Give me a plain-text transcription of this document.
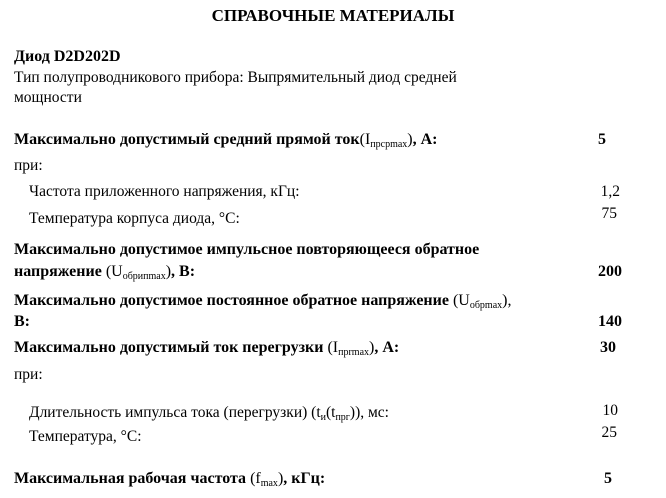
СПРАВОЧНЫЕ МАТЕРИАЛЫ
Диод D2D202D
Тип полупроводникового прибора: Выпрямительный диод средней
мощности
Максимально допустимый средний прямой $ток(I_{прсрmax})$, А:	5
при:
Частота приложенного напряжения, кГц:	1,2
Температура корпуса диода, °С:	75
Максимально допустимое импульсное повторяющееся обратное
напряжение $(U_{обрипmax})$, В:	200
Максимально допустимое постоянное обратное напряжение $(U_{обрmax})$,
В:	140
Максимально допустимый ток перегрузки $(I_{прrmax})$, А:	30
при:
Длительность импульса тока (перегрузки) $(t_и(t_{прг}))$, мс:	10
Температура, °С:	25
Максимальная рабочая частота $(f_{max})$, кГц:	5
